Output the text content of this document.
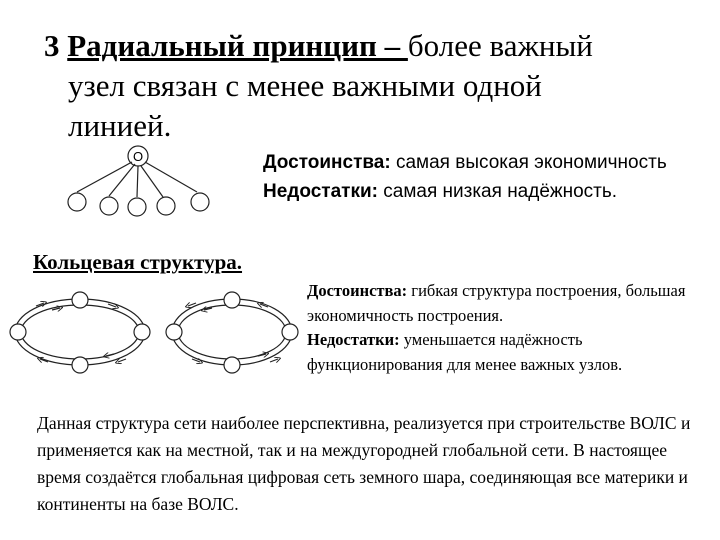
3 Радиальный принцип – более важный
узел связан с менее важными одной
линией.
О	Достоинства: самая высокая экономичность
Недостатки: самая низкая надёжность.
Кольцевая структура.
Достоинства: гибкая структура построения, большая экономичность построения.
Недостатки: уменьшается надёжность функционирования для менее важных узлов.
Данная структура сети наиболее перспективна, реализуется при строительстве ВОЛС и применяется как на местной, так и на междугородней глобальной сети. В настоящее время создаётся глобальная цифровая сеть земного шара, соединяющая все материки и континенты на базе ВОЛС.
